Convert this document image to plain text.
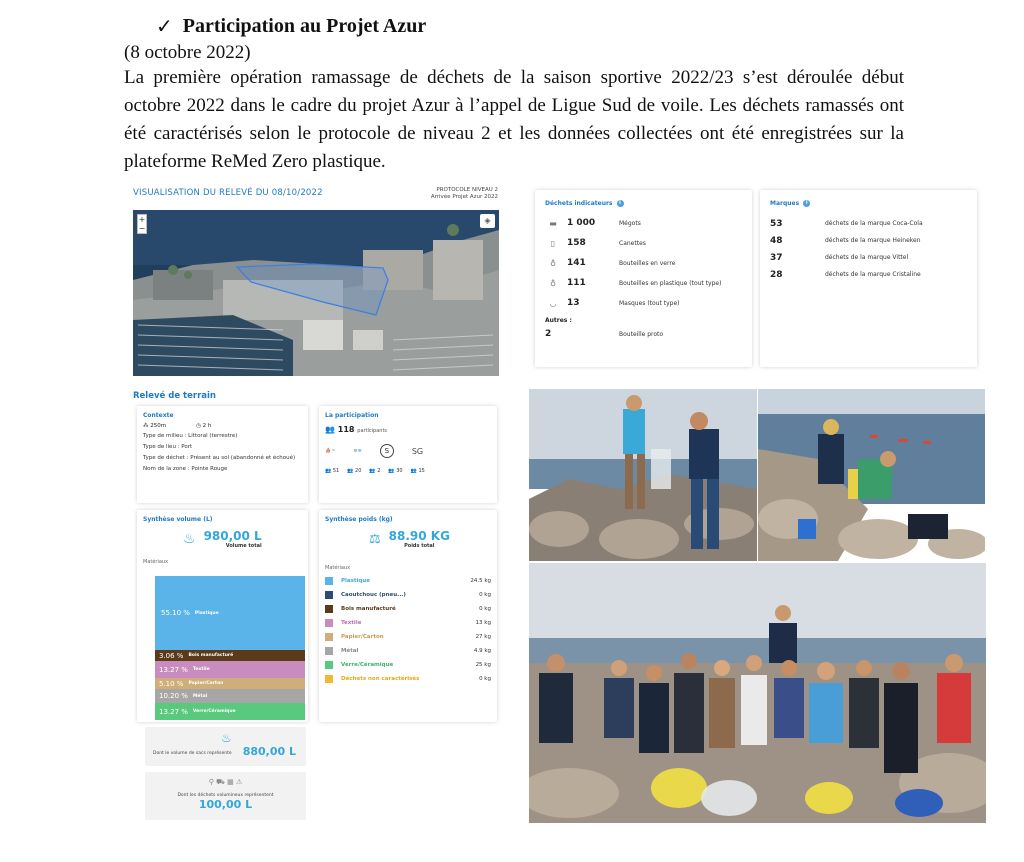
✓ Participation au Projet Azur
(8 octobre 2022)
La première opération ramassage de déchets de la saison sportive 2022/23 s’est déroulée début octobre 2022 dans le cadre du projet Azur à l’appel de Ligue Sud de voile. Les déchets ramassés ont été caractérisés selon le protocole de niveau 2 et les données collectées ont été enregistrées sur la plateforme ReMed Zero plastique.
VISUALISATION DU RELEVÉ DU 08/10/2022	PROTOCOLE NIVEAU 2
Arrivée Projet Azur 2022
+
−
◈
Relevé de terrain
Contexte
⁂ 250m	◷ 2 h
Type de milieu : Littoral (terrestre)
Type de lieu : Port
Type de déchet : Présent au sol (abandonné et échoué)
Nom de la zone : Pointe Rouge
La participation
👥 118 participants
⛵~	≋≋	S	SG
👥 51 👥 20 👥 2 👥 30 👥 15
Synthèse volume (L)
♨ 980,00 L
Volume total
Matériaux
55.10 % Plastique
3.06 % Bois manufacturé
13.27 % Textile
5.10 % Papier/Carton
10.20 % Métal
13.27 % Verre/Céramique
Synthèse poids (kg)
⚖ 88.90 KG
Poids total
Matériaux
Plastique	24.5 kg
Caoutchouc (pneu...)	0 kg
Bois manufacturé	0 kg
Textile	13 kg
Papier/Carton	27 kg
Métal	4.9 kg
Verre/Céramique	25 kg
Déchets non caractérisés	0 kg
♨
Dont le volume de sacs représente 880,00 L
⚲ ⛟ ▦ ⚠
Dont les déchets volumineux représentent
100,00 L
Déchets indicateurs i
▬	1 000	Mégots
▯	158	Canettes
♁	141	Bouteilles en verre
♁	111	Bouteilles en plastique (tout type)
◡	13	Masques (tout type)
Autres :
2	Bouteille proto
Marques i
53	déchets de la marque Coca-Cola
48	déchets de la marque Heineken
37	déchets de la marque Vittel
28	déchets de la marque Cristaline
